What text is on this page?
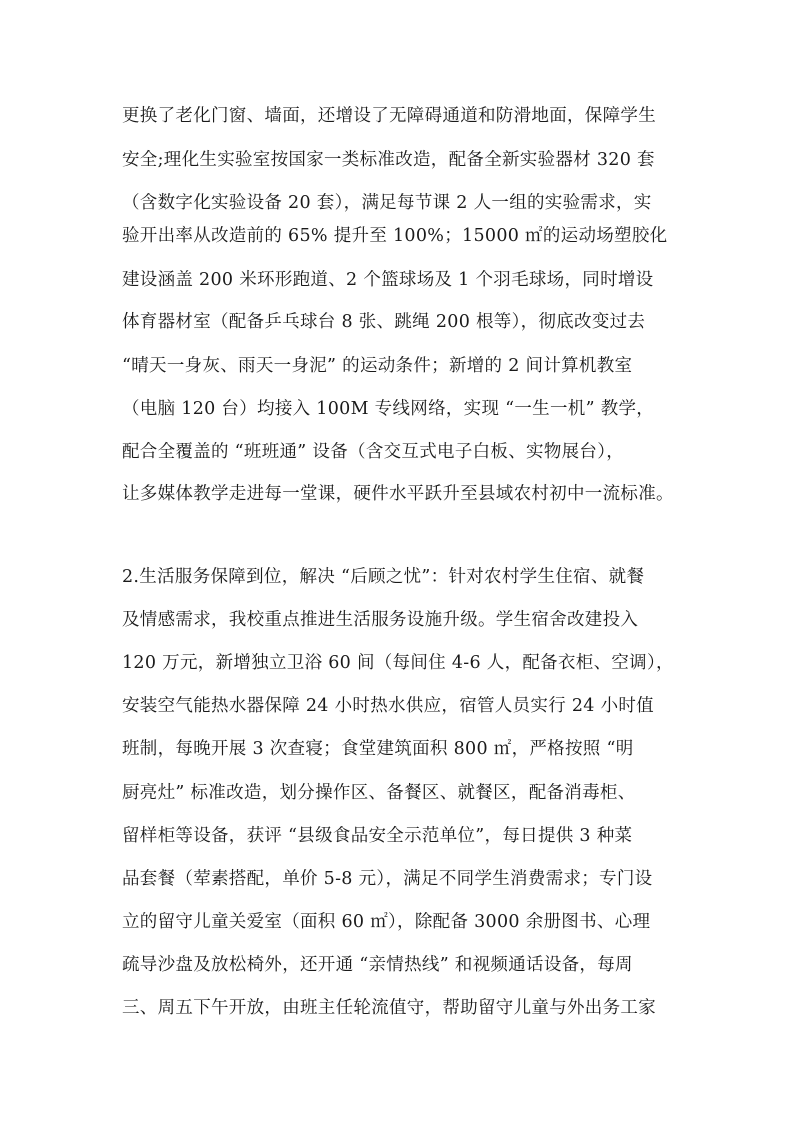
更换了老化门窗、墙面，还增设了无障碍通道和防滑地面，保障学生
安全;理化生实验室按国家一类标准改造，配备全新实验器材 320 套
（含数字化实验设备 20 套），满足每节课 2 人一组的实验需求，实
验开出率从改造前的 65% 提升至 100%；15000 ㎡的运动场塑胶化
建设涵盖 200 米环形跑道、2 个篮球场及 1 个羽毛球场，同时增设
体育器材室（配备乒乓球台 8 张、跳绳 200 根等），彻底改变过去
“晴天一身灰、雨天一身泥” 的运动条件；新增的 2 间计算机教室
（电脑 120 台）均接入 100M 专线网络，实现 “一生一机” 教学，
配合全覆盖的 “班班通” 设备（含交互式电子白板、实物展台），
让多媒体教学走进每一堂课，硬件水平跃升至县域农村初中一流标准。
2.生活服务保障到位，解决 “后顾之忧”：针对农村学生住宿、就餐
及情感需求，我校重点推进生活服务设施升级。学生宿舍改建投入
120 万元，新增独立卫浴 60 间（每间住 4-6 人，配备衣柜、空调），
安装空气能热水器保障 24 小时热水供应，宿管人员实行 24 小时值
班制，每晚开展 3 次查寝；食堂建筑面积 800 ㎡，严格按照 “明
厨亮灶” 标准改造，划分操作区、备餐区、就餐区，配备消毒柜、
留样柜等设备，获评 “县级食品安全示范单位”，每日提供 3 种菜
品套餐（荤素搭配，单价 5-8 元），满足不同学生消费需求；专门设
立的留守儿童关爱室（面积 60 ㎡），除配备 3000 余册图书、心理
疏导沙盘及放松椅外，还开通 “亲情热线” 和视频通话设备，每周
三、周五下午开放，由班主任轮流值守，帮助留守儿童与外出务工家
